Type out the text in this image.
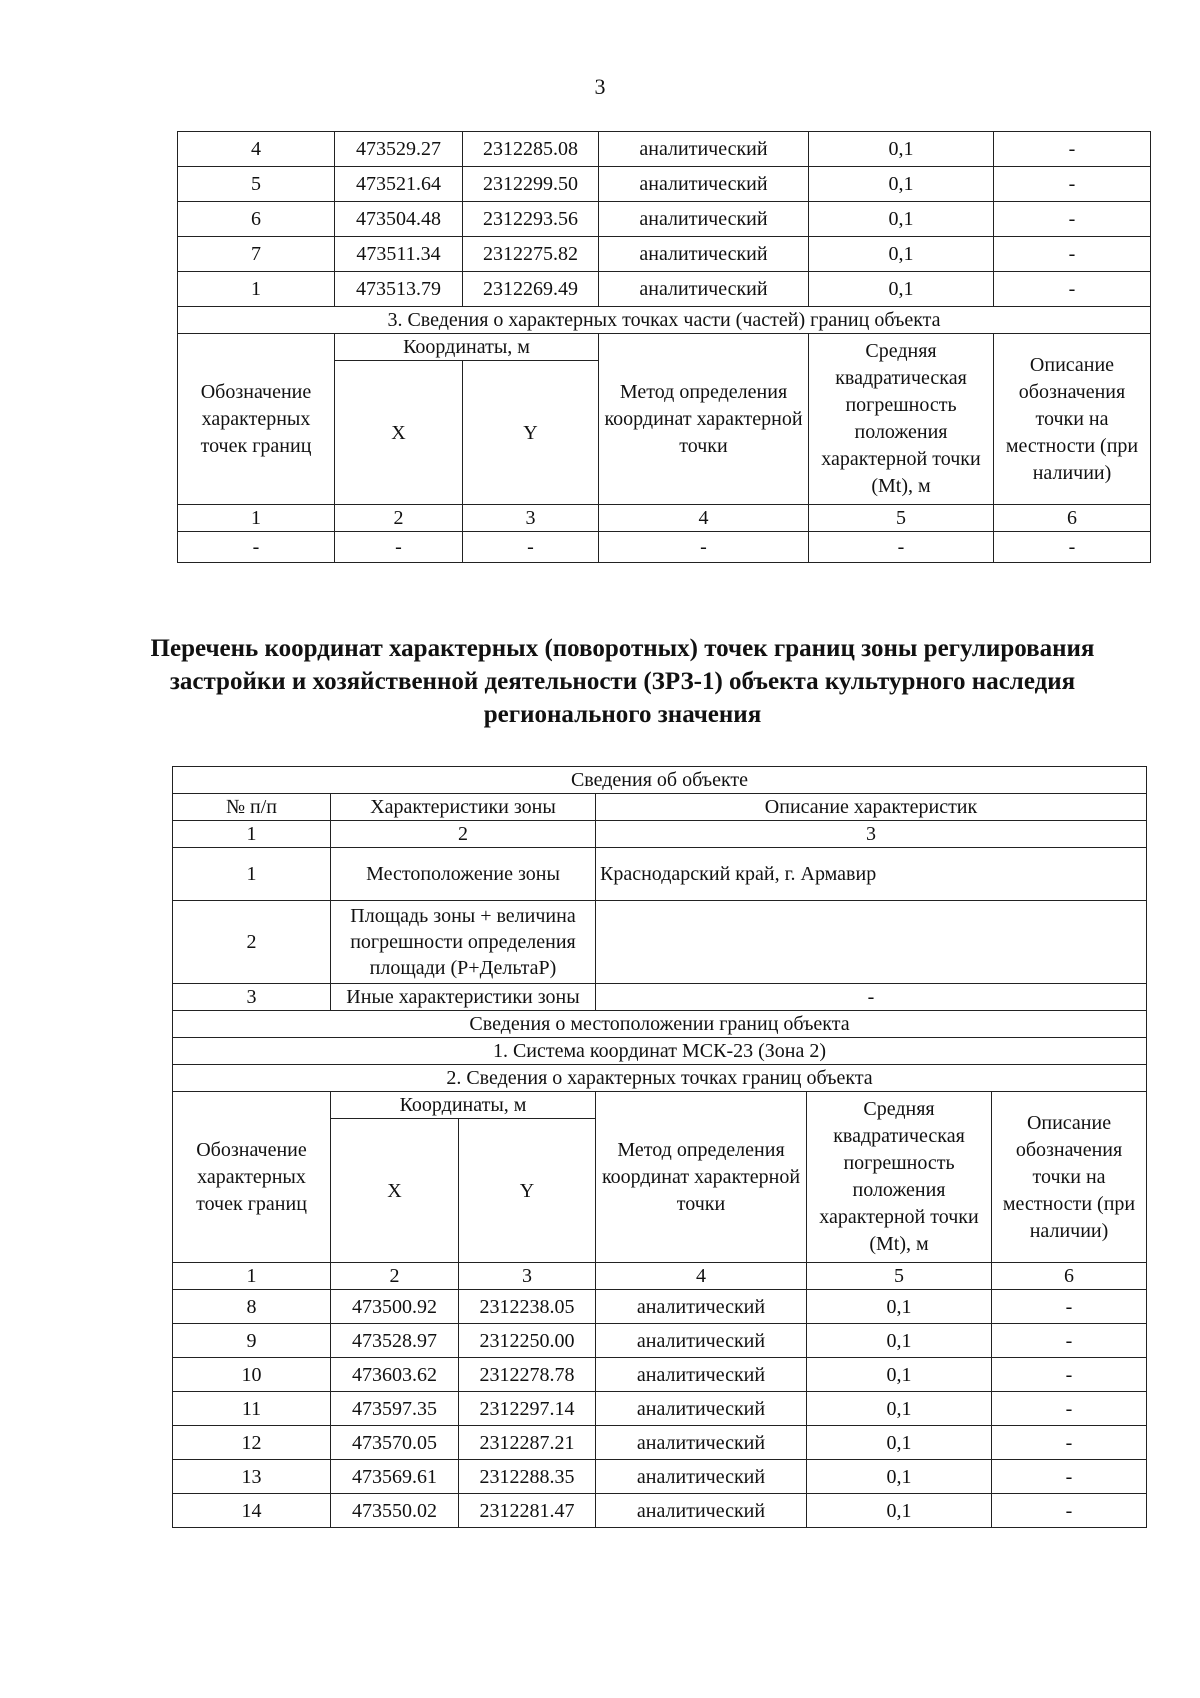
3
4	473529.27	2312285.08	аналитический	0,1	-
5	473521.64	2312299.50	аналитический	0,1	-
6	473504.48	2312293.56	аналитический	0,1	-
7	473511.34	2312275.82	аналитический	0,1	-
1	473513.79	2312269.49	аналитический	0,1	-
3. Сведения о характерных точках части (частей) границ объекта					
Обозначение характерных точек границ	Координаты, м		Метод определения координат характерной точки	Средняя квадратическая погрешность положения характерной точки (Mt), м	Описание обозначения точки на местности (при наличии)
	X	Y			
1	2	3	4	5	6
-	-	-	-	-	-
Перечень координат характерных (поворотных) точек границ зоны регулирования застройки и хозяйственной деятельности (ЗРЗ-1) объекта культурного наследия регионального значения
Сведения об объекте					
№ п/п	Характеристики зоны		Описание характеристик		
1	2		3		
1	Местоположение зоны		Краснодарский край, г. Армавир		
2	Площадь зоны + величина погрешности определения площади (Р+ДельтаР)				
3	Иные характеристики зоны		-		
Сведения о местоположении границ объекта					
1. Система координат МСК-23 (Зона 2)					
2. Сведения о характерных точках границ объекта					
Обозначение характерных точек границ	Координаты, м		Метод определения координат характерной точки	Средняя квадратическая погрешность положения характерной точки (Mt), м	Описание обозначения точки на местности (при наличии)
	X	Y			
1	2	3	4	5	6
8	473500.92	2312238.05	аналитический	0,1	-
9	473528.97	2312250.00	аналитический	0,1	-
10	473603.62	2312278.78	аналитический	0,1	-
11	473597.35	2312297.14	аналитический	0,1	-
12	473570.05	2312287.21	аналитический	0,1	-
13	473569.61	2312288.35	аналитический	0,1	-
14	473550.02	2312281.47	аналитический	0,1	-
